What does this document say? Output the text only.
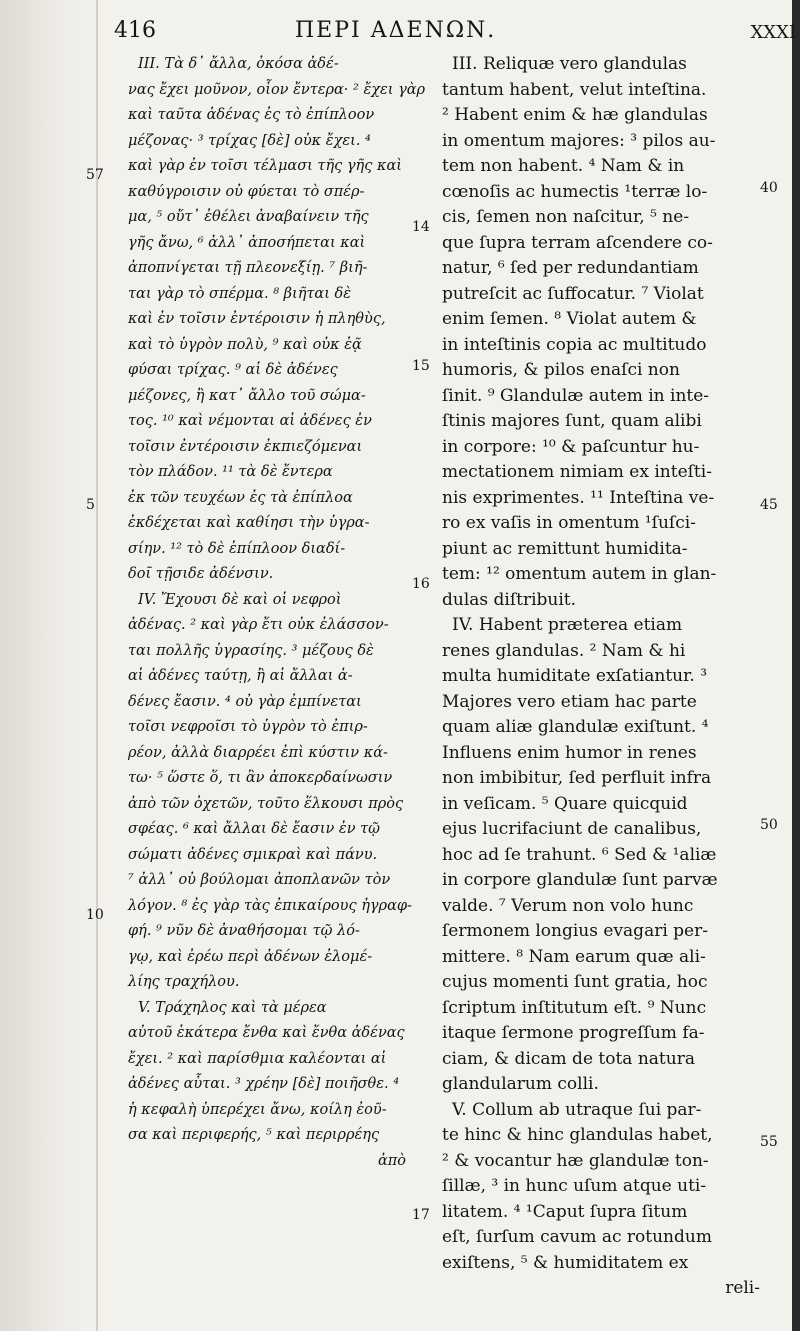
416	ΠΕΡΙ ΑΔΕΝΩΝ.	XXXI
ΙΙΙ. Τὰ δ᾽ ἄλλα, ὁκόσα ἀδέ-
νας ἔχει μοῦνον, οἷον ἔντερα· ² ἔχει γὰρ
καὶ ταῦτα ἀδένας ἐς τὸ ἐπίπλοον
μέζονας· ³ τρίχας [δὲ] οὐκ ἔχει. ⁴
καὶ γὰρ ἐν τοῖσι τέλμασι τῆς γῆς καὶ
καθύγροισιν οὐ φύεται τὸ σπέρ-
μα, ⁵ οὔτ᾽ ἐθέλει ἀναβαίνειν τῆς
γῆς ἄνω, ⁶ ἀλλ᾽ ἀποσήπεται καὶ
ἀποπνίγεται τῇ πλεονεξίῃ. ⁷ βιῆ-
ται γὰρ τὸ σπέρμα. ⁸ βιῆται δὲ
καὶ ἐν τοῖσιν ἐντέροισιν ἡ πληθὺς,
καὶ τὸ ὑγρὸν πολὺ, ⁹ καὶ οὐκ ἐᾷ
φύσαι τρίχας. ⁹ αἱ δὲ ἀδένες
μέζονες, ἢ κατ᾽ ἄλλο τοῦ σώμα-
τος. ¹⁰ καὶ νέμονται αἱ ἀδένες ἐν
τοῖσιν ἐντέροισιν ἐκπιεζόμεναι
τὸν πλάδον. ¹¹ τὰ δὲ ἔντερα
ἐκ τῶν τευχέων ἐς τὰ ἐπίπλοα
ἐκδέχεται καὶ καθίησι τὴν ὑγρα-
σίην. ¹² τὸ δὲ ἐπίπλοον διαδί-
δοῖ τῇσιδε ἀδένσιν.
IV. Ἔχουσι δὲ καὶ οἱ νεφροὶ
ἀδένας. ² καὶ γὰρ ἔτι οὐκ ἐλάσσον-
ται πολλῆς ὑγρασίης. ³ μέζους δὲ
αἱ ἀδένες ταύτῃ, ἢ αἱ ἄλλαι ἀ-
δένες ἔασιν. ⁴ οὐ γὰρ ἐμπίνεται
τοῖσι νεφροῖσι τὸ ὑγρὸν τὸ ἐπιρ-
ρέον, ἀλλὰ διαρρέει ἐπὶ κύστιν κά-
τω· ⁵ ὥστε ὅ, τι ἂν ἀποκερδαίνωσιν
ἀπὸ τῶν ὀχετῶν, τοῦτο ἕλκουσι πρὸς
σφέας. ⁶ καὶ ἄλλαι δὲ ἔασιν ἐν τῷ
σώματι ἀδένες σμικραὶ καὶ πάνυ.
⁷ ἀλλ᾽ οὐ βούλομαι ἀποπλανῶν τὸν
λόγον. ⁸ ἐς γὰρ τὰς ἐπικαίρους ἠγραφ-
φή. ⁹ νῦν δὲ ἀναθήσομαι τῷ λό-
γῳ, καὶ ἐρέω περὶ ἀδένων ἐλομέ-
λίης τραχήλου.
V. Τράχηλος καὶ τὰ μέρεα
αὐτοῦ ἑκάτερα ἔνθα καὶ ἔνθα ἀδένας
ἔχει. ² καὶ παρίσθμια καλέονται αἱ
ἀδένες αὗται. ³ χρέην [δὲ] ποιῆσθε. ⁴
ἡ κεφαλὴ ὑπερέχει ἄνω, κοίλη ἐοῦ-
σα καὶ περιφερής, ⁵ καὶ περιρρέης
ἀπὸ
III. Reliquæ vero glandulas
tantum habent, velut inteſtina.
² Habent enim & hæ glandulas
in omentum majores: ³ pilos au-
tem non habent. ⁴ Nam & in
cœnoſis ac humectis ¹terræ lo-
cis, ſemen non naſcitur, ⁵ ne-
que ſupra terram aſcendere co-
natur, ⁶ ſed per redundantiam
putreſcit ac ſuffocatur. ⁷ Violat
enim ſemen. ⁸ Violat autem &
in inteſtinis copia ac multitudo
humoris, & pilos enaſci non
ſinit. ⁹ Glandulæ autem in inte-
ſtinis majores ſunt, quam alibi
in corpore: ¹⁰ & paſcuntur hu-
mectationem nimiam ex inteſti-
nis exprimentes. ¹¹ Inteſtina ve-
ro ex vaſis in omentum ¹ſuſci-
piunt ac remittunt humidita-
tem: ¹² omentum autem in glan-
dulas diſtribuit.
IV. Habent præterea etiam
renes glandulas. ² Nam & hi
multa humiditate exſatiantur. ³
Majores vero etiam hac parte
quam aliæ glandulæ exiſtunt. ⁴
Influens enim humor in renes
non imbibitur, ſed perfluit infra
in veſicam. ⁵ Quare quicquid
ejus lucrifaciunt de canalibus,
hoc ad ſe trahunt. ⁶ Sed & ¹aliæ
in corpore glandulæ ſunt parvæ
valde. ⁷ Verum non volo hunc
ſermonem longius evagari per-
mittere. ⁸ Nam earum quæ ali-
cujus momenti ſunt gratia, hoc
ſcriptum inſtitutum eſt. ⁹ Nunc
itaque ſermone progreſſum fa-
ciam, & dicam de tota natura
glandularum colli.
V. Collum ab utraque ſui par-
te hinc & hinc glandulas habet,
² & vocantur hæ glandulæ ton-
ſillæ, ³ in hunc uſum atque uti-
litatem. ⁴ ¹Caput ſupra ſitum
eſt, ſurſum cavum ac rotundum
exiſtens, ⁵ & humiditatem ex
reli-
57
5
10
14
15
16
17
40
45
50
55
